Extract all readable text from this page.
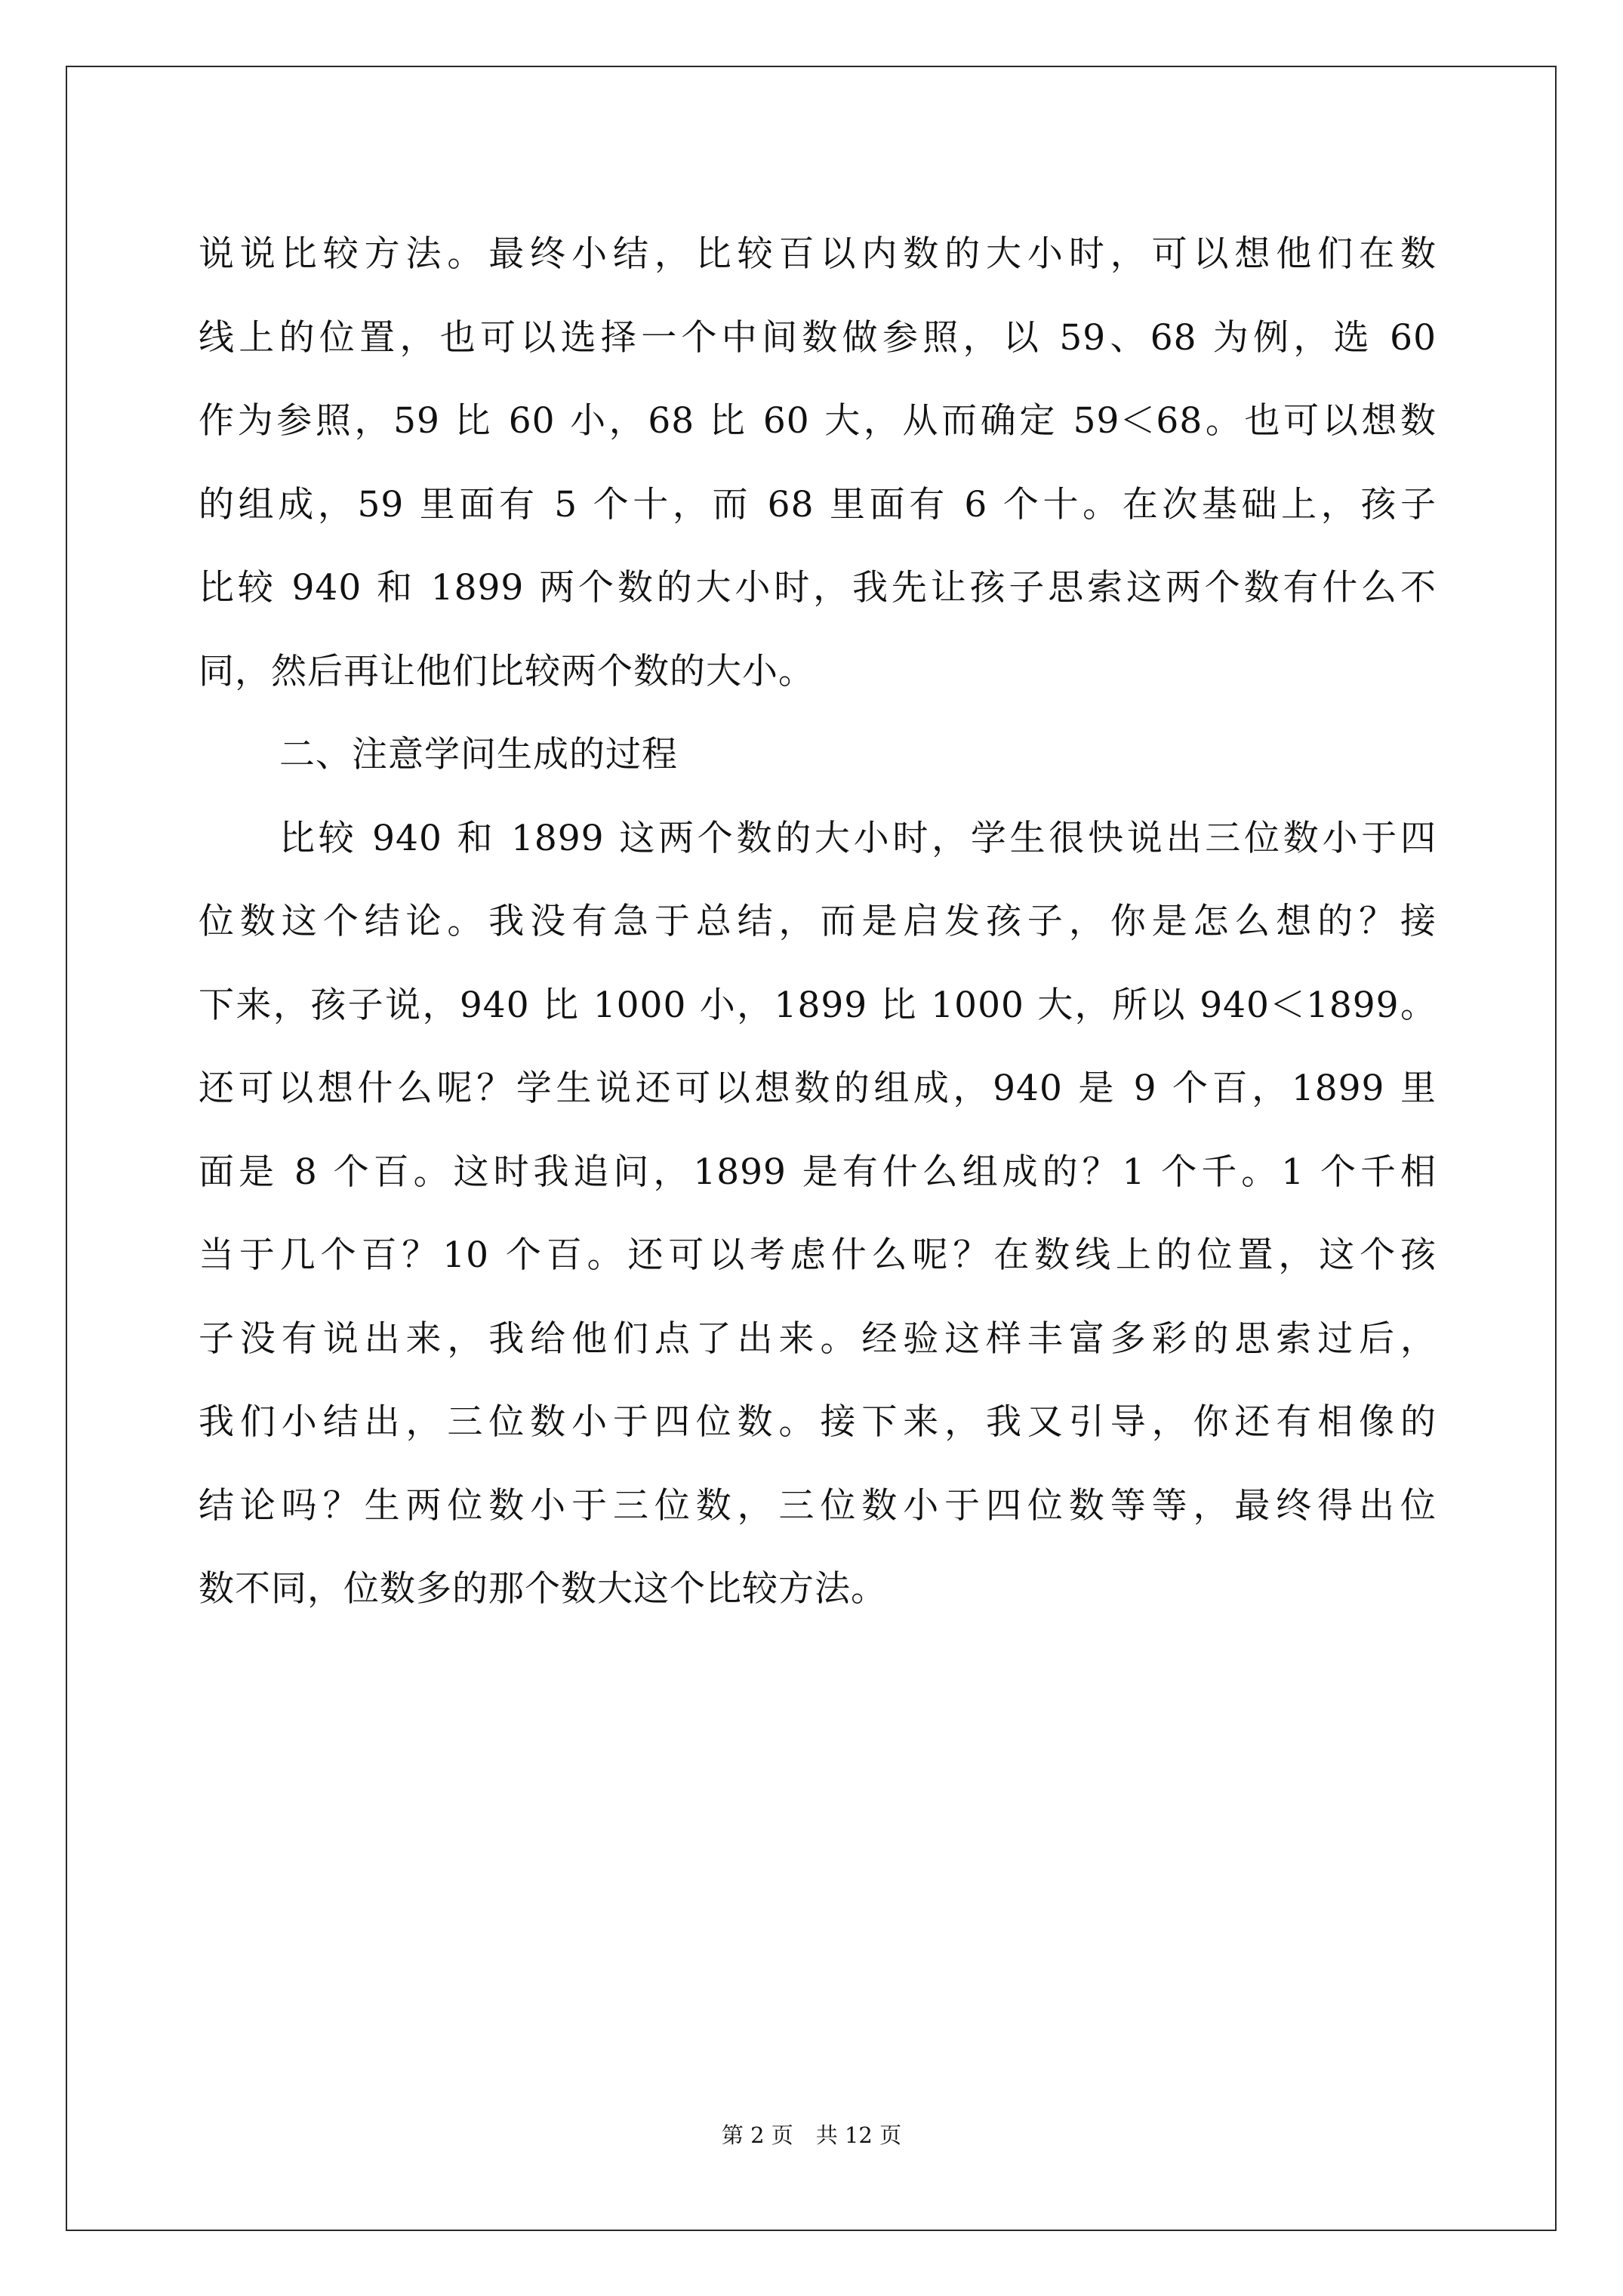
说说比较方法。最终小结，比较百以内数的大小时，可以想他们在数
线上的位置，也可以选择一个中间数做参照，以 59、68 为例，选 60
作为参照，59 比 60 小，68 比 60 大，从而确定 59＜68。也可以想数
的组成，59 里面有 5 个十，而 68 里面有 6 个十。在次基础上，孩子
比较 940 和 1899 两个数的大小时，我先让孩子思索这两个数有什么不
同，然后再让他们比较两个数的大小。
二、注意学问生成的过程
比较 940 和 1899 这两个数的大小时，学生很快说出三位数小于四
位数这个结论。我没有急于总结，而是启发孩子，你是怎么想的？接
下来，孩子说，940 比 1000 小，1899 比 1000 大，所以 940＜1899。
还可以想什么呢？学生说还可以想数的组成，940 是 9 个百，1899 里
面是 8 个百。这时我追问，1899 是有什么组成的？1 个千。1 个千相
当于几个百？10 个百。还可以考虑什么呢？在数线上的位置，这个孩
子没有说出来，我给他们点了出来。经验这样丰富多彩的思索过后，
我们小结出，三位数小于四位数。接下来，我又引导，你还有相像的
结论吗？生两位数小于三位数，三位数小于四位数等等，最终得出位
数不同，位数多的那个数大这个比较方法。
第 2 页 共 12 页
